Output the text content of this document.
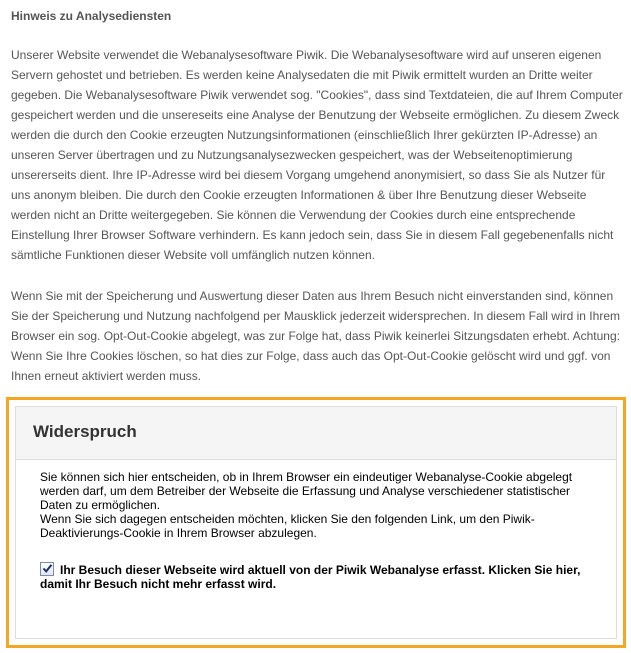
Hinweis zu Analysediensten

Unserer Website verwendet die Webanalysesoftware Piwik. Die Webanalysesoftware wird auf unseren eigenen Servern gehostet und betrieben. Es werden keine Analysedaten die mit Piwik ermittelt wurden an Dritte weiter gegeben. Die Webanalysesoftware Piwik verwendet sog. "Cookies", dass sind Textdateien, die auf Ihrem Computer gespeichert werden und die unsereseits eine Analyse der Benutzung der Webseite ermöglichen. Zu diesem Zweck werden die durch den Cookie erzeugten Nutzungsinformationen (einschließlich Ihrer gekürzten IP-Adresse) an unseren Server übertragen und zu Nutzungsanalysezwecken gespeichert, was der Webseitenoptimierung unsererseits dient. Ihre IP-Adresse wird bei diesem Vorgang umgehend anonymisiert, so dass Sie als Nutzer für uns anonym bleiben. Die durch den Cookie erzeugten Informationen & über Ihre Benutzung dieser Webseite werden nicht an Dritte weitergegeben. Sie können die Verwendung der Cookies durch eine entsprechende Einstellung Ihrer Browser Software verhindern. Es kann jedoch sein, dass Sie in diesem Fall gegebenenfalls nicht sämtliche Funktionen dieser Website voll umfänglich nutzen können.

Wenn Sie mit der Speicherung und Auswertung dieser Daten aus Ihrem Besuch nicht einverstanden sind, können Sie der Speicherung und Nutzung nachfolgend per Mausklick jederzeit widersprechen. In diesem Fall wird in Ihrem Browser ein sog. Opt-Out-Cookie abgelegt, was zur Folge hat, dass Piwik keinerlei Sitzungsdaten erhebt. Achtung: Wenn Sie Ihre Cookies löschen, so hat dies zur Folge, dass auch das Opt-Out-Cookie gelöscht wird und ggf. von Ihnen erneut aktiviert werden muss.

Widerspruch

Sie können sich hier entscheiden, ob in Ihrem Browser ein eindeutiger Webanalyse-Cookie abgelegt werden darf, um dem Betreiber der Webseite die Erfassung und Analyse verschiedener statistischer Daten zu ermöglichen.

Wenn Sie sich dagegen entscheiden möchten, klicken Sie den folgenden Link, um den Piwik-Deaktivierungs-Cookie in Ihrem Browser abzulegen.

Ihr Besuch dieser Webseite wird aktuell von der Piwik Webanalyse erfasst. Klicken Sie hier, damit Ihr Besuch nicht mehr erfasst wird.
